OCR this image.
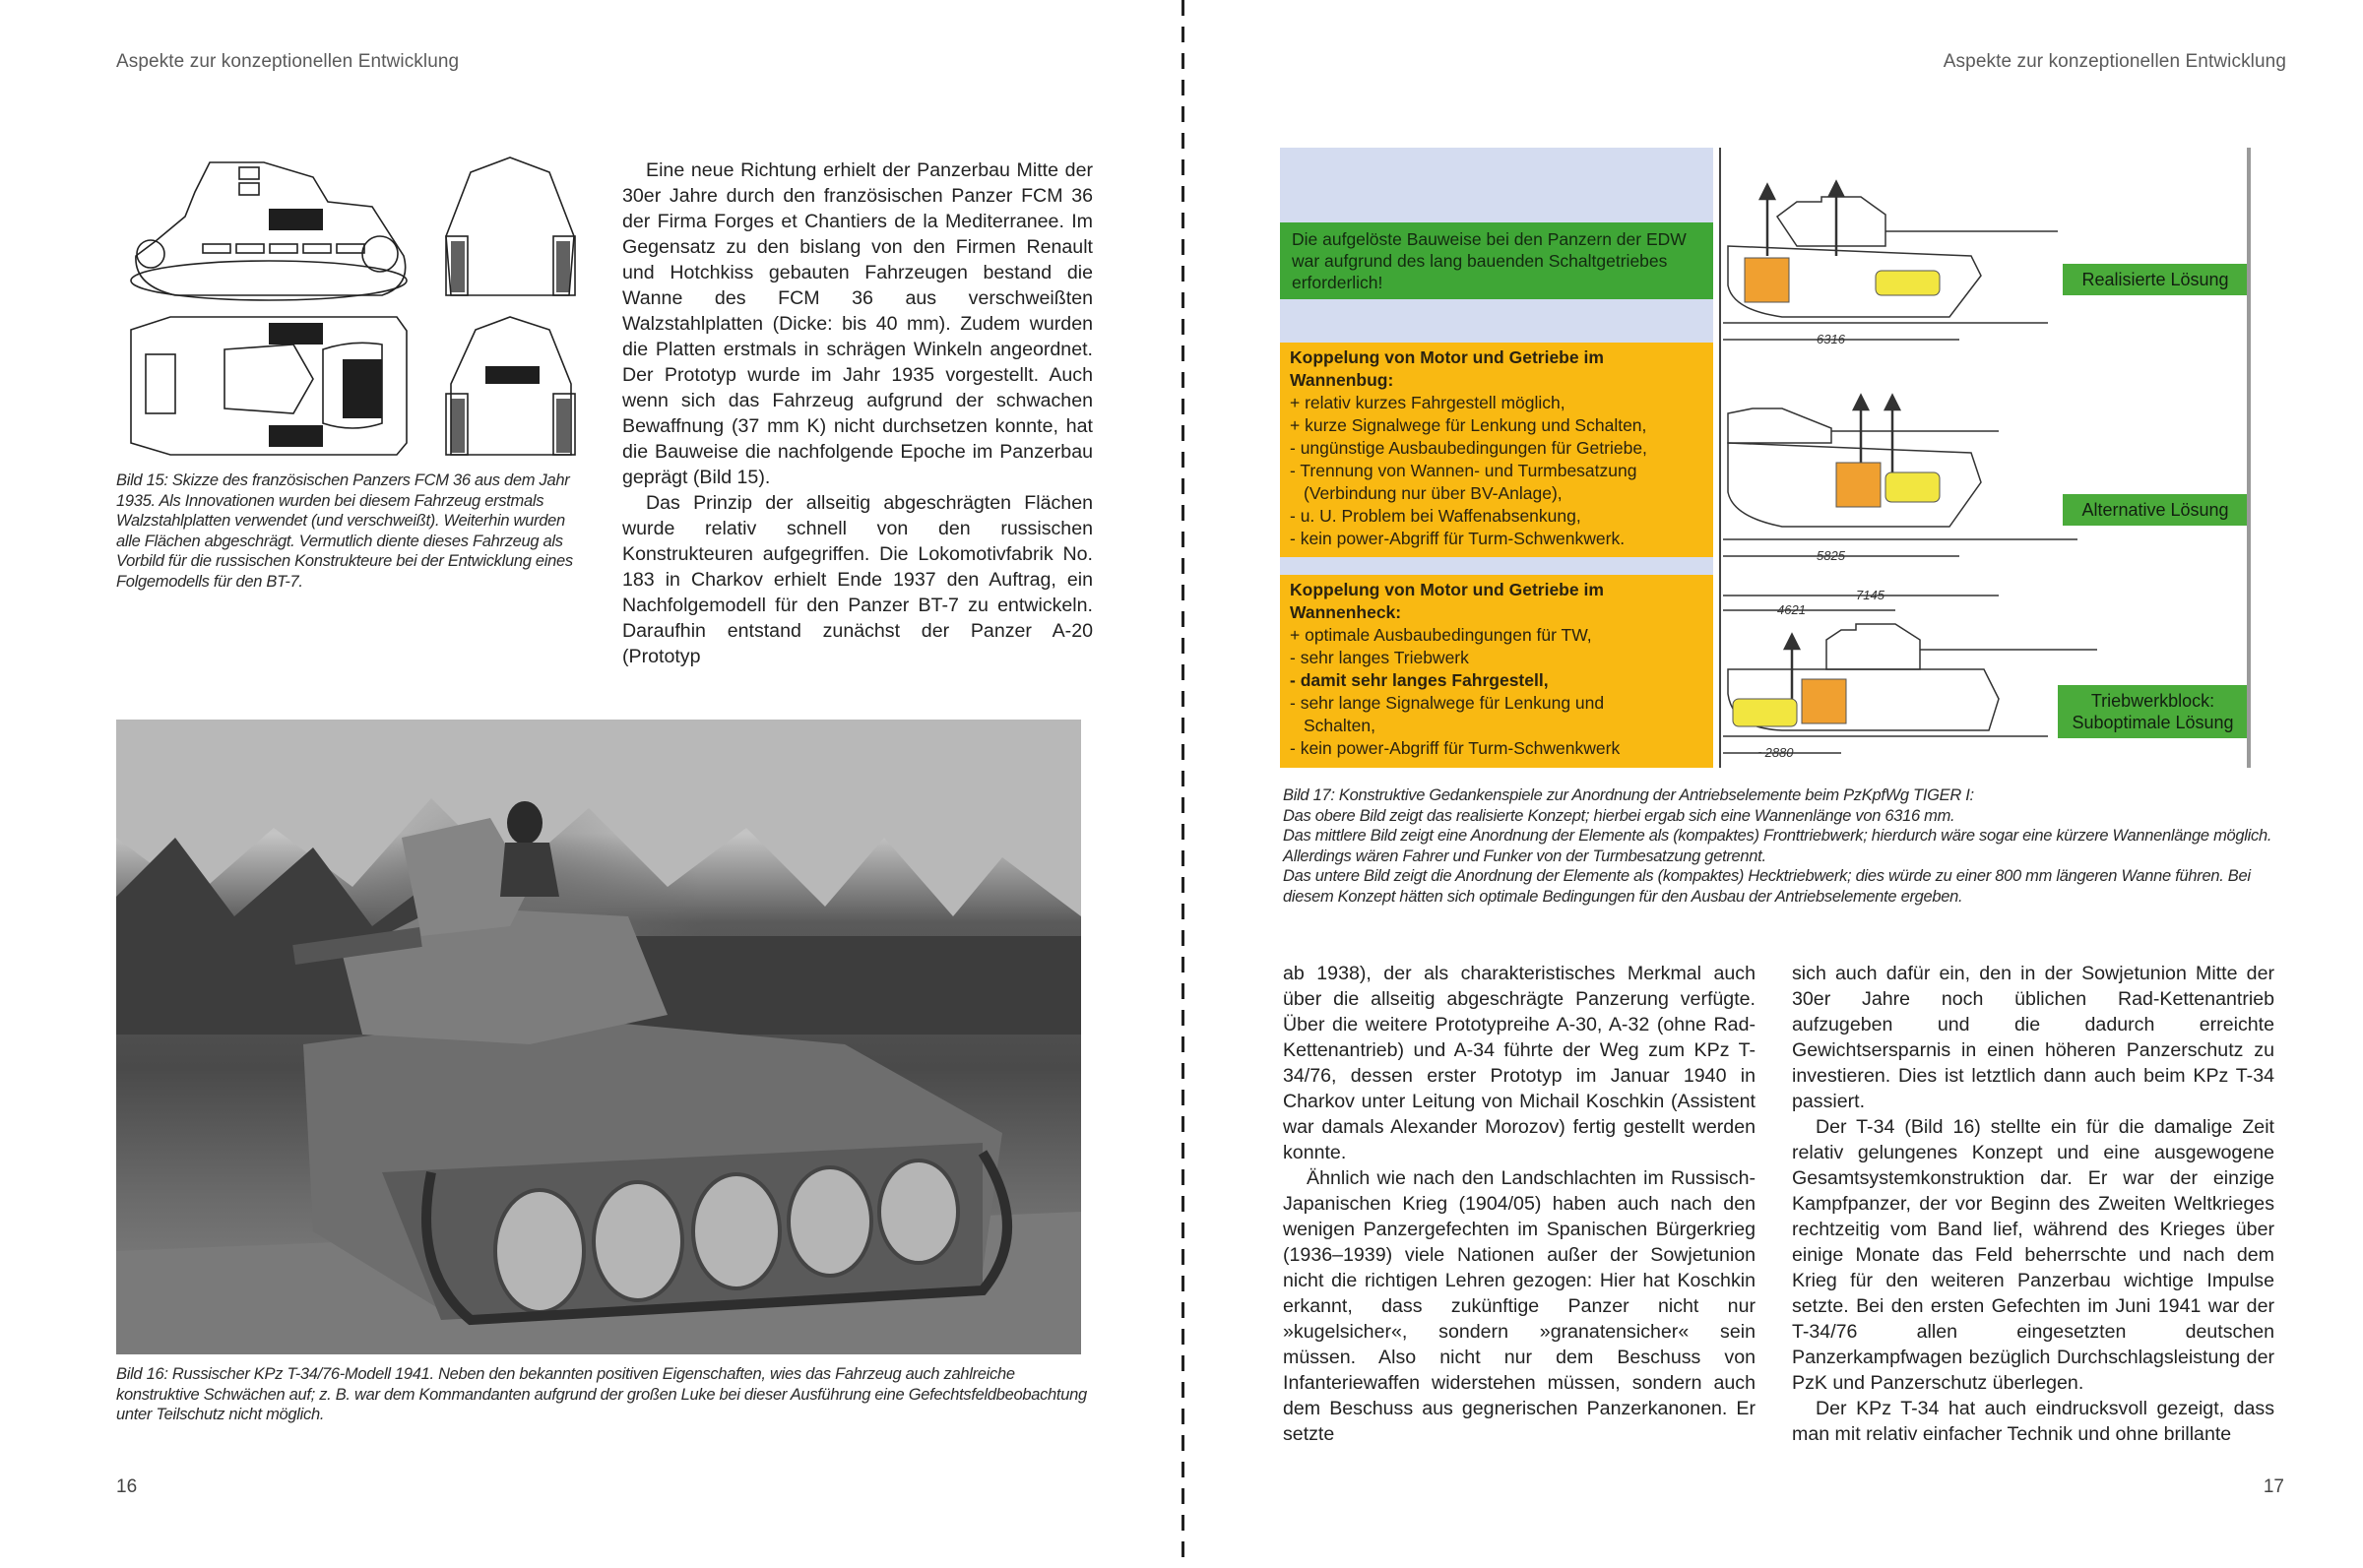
Aspekte zur konzeptionellen Entwicklung
Bild 15: Skizze des französischen Panzers FCM 36 aus dem Jahr 1935. Als Innovationen wurden bei diesem Fahrzeug erstmals Walzstahlplatten verwendet (und verschweißt). Weiterhin wurden alle Flächen abgeschrägt. Vermutlich diente dieses Fahrzeug als Vorbild für die russischen Konstrukteure bei der Entwicklung eines Folgemodells für den BT-7.

Eine neue Richtung erhielt der Panzerbau Mitte der 30er Jahre durch den französischen Panzer FCM 36 der Firma Forges et Chantiers de la Mediterranee. Im Gegensatz zu den bislang von den Firmen Renault und Hotchkiss gebauten Fahrzeugen bestand die Wanne des FCM 36 aus verschweißten Walzstahlplatten (Dicke: bis 40 mm). Zudem wurden die Platten erstmals in schrägen Winkeln angeordnet. Der Prototyp wurde im Jahr 1935 vorgestellt. Auch wenn sich das Fahrzeug aufgrund der schwachen Bewaffnung (37 mm K) nicht durchsetzen konnte, hat die Bauweise die nachfolgende Epoche im Panzerbau geprägt (Bild 15).

Das Prinzip der allseitig abgeschrägten Flächen wurde relativ schnell von den russischen Konstrukteuren aufgegriffen. Die Lokomotivfabrik No. 183 in Charkov erhielt Ende 1937 den Auftrag, ein Nachfolgemodell für den Panzer BT-7 zu entwickeln. Daraufhin entstand zunächst der Panzer A-20 (Prototyp

Bild 16: Russischer KPz T-34/76-Modell 1941. Neben den bekannten positiven Eigenschaften, wies das Fahrzeug auch zahlreiche konstruktive Schwächen auf; z. B. war dem Kommandanten aufgrund der großen Luke bei dieser Ausführung eine Gefechtsfeldbeobachtung unter Teilschutz nicht möglich.
16
Aspekte zur konzeptionellen Entwicklung
17
Die aufgelöste Bauweise bei den Panzern der EDW war aufgrund des lang bauenden Schaltgetriebes erforderlich!
Koppelung von Motor und Getriebe im Wannenbug:
+ relativ kurzes Fahrgestell möglich,
+ kurze Signalwege für Lenkung und Schalten,
- ungünstige Ausbaubedingungen für Getriebe,
- Trennung von Wannen- und Turmbesatzung
(Verbindung nur über BV-Anlage),
- u. U. Problem bei Waffenabsenkung,
- kein power-Abgriff für Turm-Schwenkwerk.
Koppelung von Motor und Getriebe im Wannenheck:
+ optimale Ausbaubedingungen für TW,
- sehr langes Triebwerk
- damit sehr langes Fahrgestell,
- sehr lange Signalwege für Lenkung und
Schalten,
- kein power-Abgriff für Turm-Schwenkwerk
6316
5825
7145
4621
~2880
Realisierte Lösung
Alternative Lösung
Triebwerkblock:
Suboptimale Lösung
Bild 17: Konstruktive Gedankenspiele zur Anordnung der Antriebselemente beim PzKpfWg TIGER I:
Das obere Bild zeigt das realisierte Konzept; hierbei ergab sich eine Wannenlänge von 6316 mm.
Das mittlere Bild zeigt eine Anordnung der Elemente als (kompaktes) Fronttriebwerk; hierdurch wäre sogar eine kürzere Wannenlänge möglich. Allerdings wären Fahrer und Funker von der Turmbesatzung getrennt.
Das untere Bild zeigt die Anordnung der Elemente als (kompaktes) Hecktriebwerk; dies würde zu einer 800 mm längeren Wanne führen. Bei diesem Konzept hätten sich optimale Bedingungen für den Ausbau der Antriebselemente ergeben.

ab 1938), der als charakteristisches Merkmal auch über die allseitig abgeschrägte Panzerung verfügte. Über die weitere Prototypreihe A-30, A-32 (ohne Rad-Kettenantrieb) und A-34 führte der Weg zum KPz T-34/76, dessen erster Prototyp im Januar 1940 in Charkov unter Leitung von Michail Koschkin (Assistent war damals Alexander Morozov) fertig gestellt werden konnte.

Ähnlich wie nach den Landschlachten im Russisch-Japanischen Krieg (1904/05) haben auch nach den wenigen Panzergefechten im Spanischen Bürgerkrieg (1936–1939) viele Nationen außer der Sowjetunion nicht die richtigen Lehren gezogen: Hier hat Koschkin erkannt, dass zukünftige Panzer nicht nur »kugelsicher«, sondern »granatensicher« sein müssen. Also nicht nur dem Beschuss von Infanteriewaffen widerstehen müssen, sondern auch dem Beschuss aus gegnerischen Panzerkanonen. Er setzte

sich auch dafür ein, den in der Sowjetunion Mitte der 30er Jahre noch üblichen Rad-Kettenantrieb aufzugeben und die dadurch erreichte Gewichtsersparnis in einen höheren Panzerschutz zu investieren. Dies ist letztlich dann auch beim KPz T-34 passiert.

Der T-34 (Bild 16) stellte ein für die damalige Zeit relativ gelungenes Konzept und eine ausgewogene Gesamtsystemkonstruktion dar. Er war der einzige Kampfpanzer, der vor Beginn des Zweiten Weltkrieges rechtzeitig vom Band lief, während des Krieges über einige Monate das Feld beherrschte und nach dem Krieg für den weiteren Panzerbau wichtige Impulse setzte. Bei den ersten Gefechten im Juni 1941 war der T-34/76 allen eingesetzten deutschen Panzerkampfwagen bezüglich Durchschlagsleistung der PzK und Panzerschutz überlegen.

Der KPz T-34 hat auch eindrucksvoll gezeigt, dass man mit relativ einfacher Technik und ohne brillante
